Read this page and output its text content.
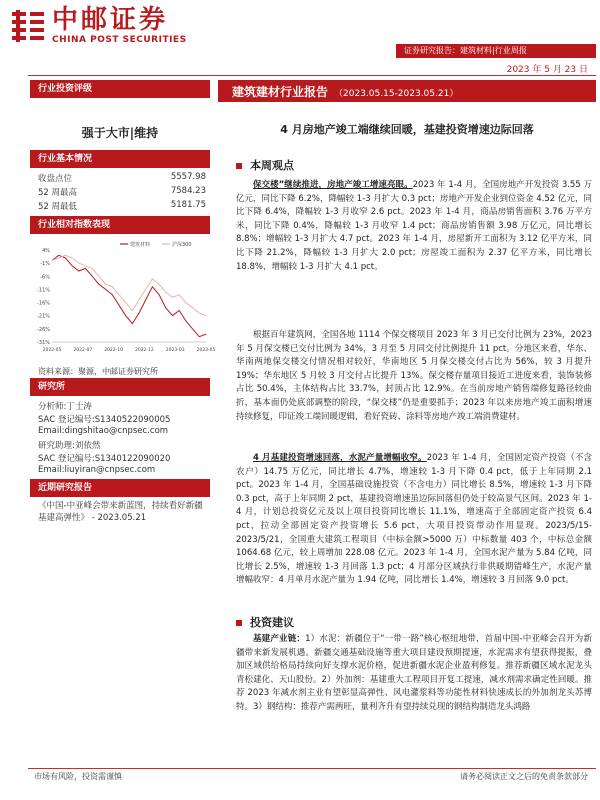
中邮证券
CHINA POST SECURITIES
证券研究报告：建筑材料|行业周报
2023 年 5 月 23 日
行业投资评级
强于大市|维持
行业基本情况
收盘点位	5557.98
52 周最高	7584.23
52 周最低	5181.75
行业相对指数表现
4%
-1%
-6%
-11%
-16%
-21%
-26%
-31%
2022-05	2022-07	2022-10	2022-12	2023-03	2023-05
建筑材料	沪深300
资料来源：聚源，中邮证券研究所
研究所
分析师:丁士涛
SAC 登记编号:S1340522090005
Email:dingshitao@cnpsec.com
研究助理:刘依然
SAC 登记编号:S1340122090020
Email:liuyiran@cnpsec.com
近期研究报告
《中国-中亚峰会带来新蓝图，持续看好新疆基建高弹性》 - 2023.05.21
建筑建材行业报告 （2023.05.15-2023.05.21）
4 月房地产竣工端继续回暖，基建投资增速边际回落
本周观点
保交楼”继续推进，房地产竣工增速亮眼。2023 年 1-4 月，全国房地产开发投资 3.55 万亿元，同比下降 6.2%，降幅较 1-3 月扩大 0.3 pct；房地产开发企业到位资金 4.52 亿元，同比下降 6.4%，降幅较 1-3 月收窄 2.6 pct。2023 年 1-4 月，商品房销售面积 3.76 万平方米，同比下降 0.4%，降幅较 1-3 月收窄 1.4 pct；商品房销售额 3.98 万亿元，同比增长 8.8%；增幅较 1-3 月扩大 4.7 pct。2023 年 1-4 月，房屋新开工面积为 3.12 亿平方米，同比下降 21.2%，降幅较 1-3 月扩大 2.0 pct；房屋竣工面积为 2.37 亿平方米，同比增长 18.8%，增幅较 1-3 月扩大 4.1 pct。
根据百年建筑网，全国各地 1114 个保交楼项目 2023 年 3 月已交付比例为 23%，2023 年 5 月保交楼已交付比例为 34%，3 月至 5 月同交付比例提升 11 pct。分地区来看，华东、华南两地保交楼交付情况相对较好，华南地区 5 月保交楼交付占比为 56%，较 3 月提升 19%；华东地区 5 月较 3 月交付占比提升 13%。保交楼存量项目接近工进度来看，装饰装修占比 50.4%，主体结构占比 33.7%，封顶占比 12.9%。在当前房地产销售端修复路径较曲折，基本面仍处底部调整的阶段，“保交楼”仍是重要抓手；2023 年以来房地产竣工面积增速持续修复，印证竣工端回暖逻辑，看好瓷砖、涂料等房地产竣工端消费建材。
4 月基建投资增速回落，水泥产量增幅收窄。2023 年 1-4 月，全国固定资产投资（不含农户）14.75 万亿元，同比增长 4.7%，增速较 1-3 月下降 0.4 pct，低于上年同期 2.1 pct。2023 年 1-4 月，全国基础设施投资（不含电力）同比增长 8.5%，增速较 1-3 月下降 0.3 pct，高于上年同期 2 pct，基建投资增速虽边际回落但仍处于较高景气区间。2023 年 1-4 月，计划总投资亿元及以上项目投资同比增长 11.1%，增速高于全部固定资产投资 6.4 pct，拉动全部固定资产投资增长 5.6 pct，大项目投资带动作用显现。2023/5/15-2023/5/21，全国重大建筑工程项目（中标金额>5000 万）中标数量 403 个，中标总金额 1064.68 亿元，较上周增加 228.08 亿元。2023 年 1-4 月，全国水泥产量为 5.84 亿吨，同比增长 2.5%，增速较 1-3 月回落 1.3 pct；4 月部分区域执行非供暖期错峰生产，水泥产量增幅收窄：4 月单月水泥产量为 1.94 亿吨，同比增长 1.4%，增速较 3 月回落 9.0 pct。
投资建议
基建产业链：1）水泥：新疆位于“一带一路”核心枢纽地带，首届中国-中亚峰会召开为新疆带来新发展机遇。新疆交通基础设施等重大项目建设预期提速，水泥需求有望获得提振，叠加区域供给格局持续向好支撑水泥价格，促进新疆水泥企业盈利修复。推荐新疆区域水泥龙头青松建化、天山股份。2）外加剂：基建重大工程项目开复工提速，减水剂需求确定性回暖。推荐 2023 年减水剂主业有望彰显高弹性、风电灌浆料等功能性材料快速成长的外加剂龙头苏博特。3）钢结构：推荐产需两旺，量利齐升有望持续兑现的钢结构制造龙头鸿路
市场有风险，投资需谨慎	请务必阅读正文之后的免责条款部分
